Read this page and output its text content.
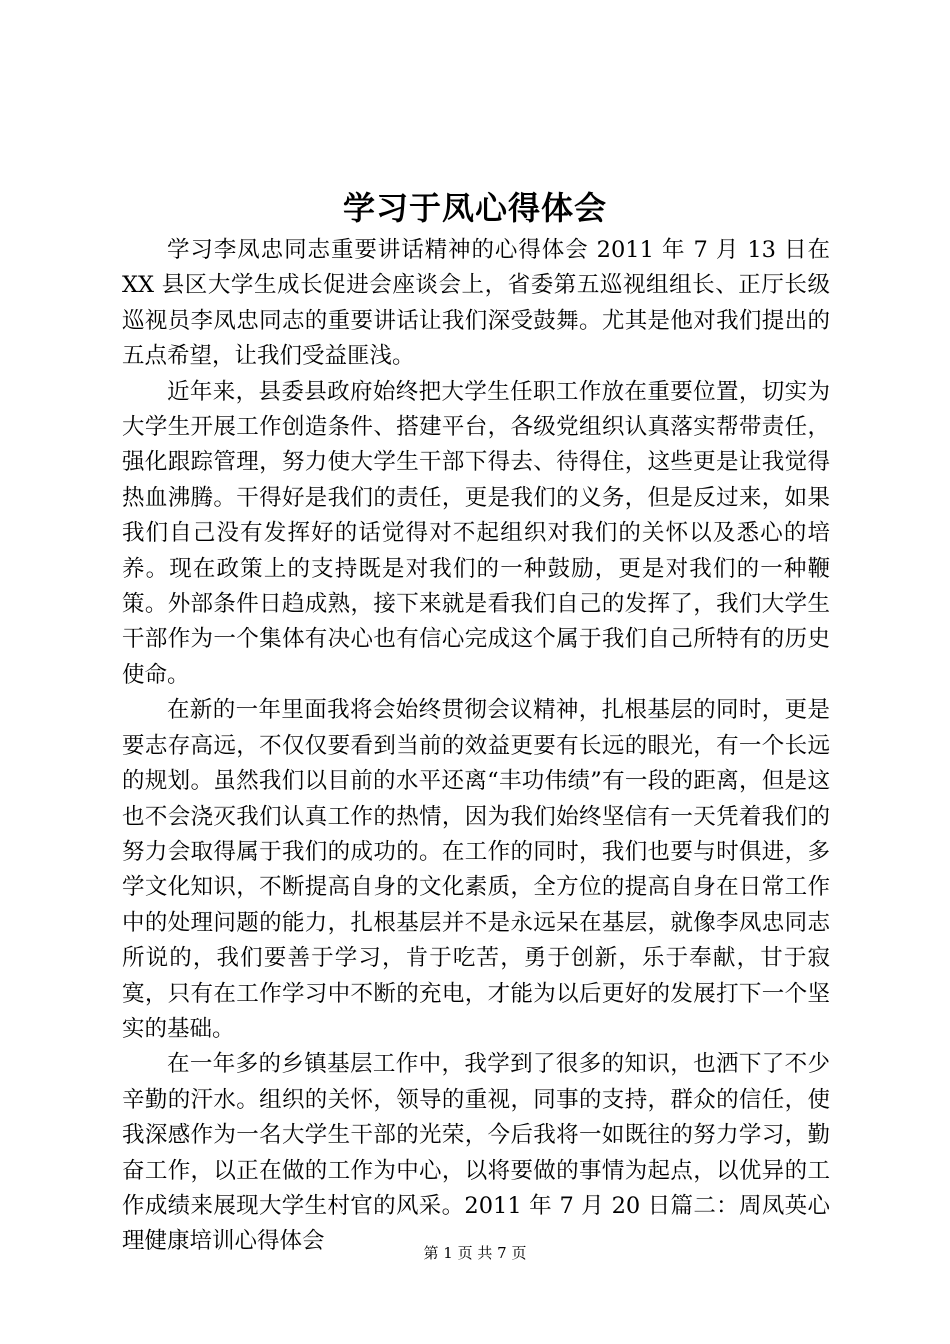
学习于凤心得体会

学习李凤忠同志重要讲话精神的心得体会 2011 年 7 月 13 日在 XX 县区大学生成长促进会座谈会上，省委第五巡视组组长、正厅长级巡视员李凤忠同志的重要讲话让我们深受鼓舞。尤其是他对我们提出的五点希望，让我们受益匪浅。

近年来，县委县政府始终把大学生任职工作放在重要位置，切实为大学生开展工作创造条件、搭建平台，各级党组织认真落实帮带责任，强化跟踪管理，努力使大学生干部下得去、待得住，这些更是让我觉得热血沸腾。干得好是我们的责任，更是我们的义务，但是反过来，如果我们自己没有发挥好的话觉得对不起组织对我们的关怀以及悉心的培养。现在政策上的支持既是对我们的一种鼓励，更是对我们的一种鞭策。外部条件日趋成熟，接下来就是看我们自己的发挥了，我们大学生干部作为一个集体有决心也有信心完成这个属于我们自己所特有的历史使命。

在新的一年里面我将会始终贯彻会议精神，扎根基层的同时，更是要志存高远，不仅仅要看到当前的效益更要有长远的眼光，有一个长远的规划。虽然我们以目前的水平还离“丰功伟绩”有一段的距离，但是这也不会浇灭我们认真工作的热情，因为我们始终坚信有一天凭着我们的努力会取得属于我们的成功的。在工作的同时，我们也要与时俱进，多学文化知识，不断提高自身的文化素质，全方位的提高自身在日常工作中的处理问题的能力，扎根基层并不是永远呆在基层，就像李凤忠同志所说的，我们要善于学习，肯于吃苦，勇于创新，乐于奉献，甘于寂寞，只有在工作学习中不断的充电，才能为以后更好的发展打下一个坚实的基础。

在一年多的乡镇基层工作中，我学到了很多的知识，也洒下了不少辛勤的汗水。组织的关怀，领导的重视，同事的支持，群众的信任，使我深感作为一名大学生干部的光荣，今后我将一如既往的努力学习，勤奋工作，以正在做的工作为中心，以将要做的事情为起点，以优异的工作成绩来展现大学生村官的风采。2011 年 7 月 20 日篇二：周凤英心理健康培训心得体会	第 1 页 共 7 页
